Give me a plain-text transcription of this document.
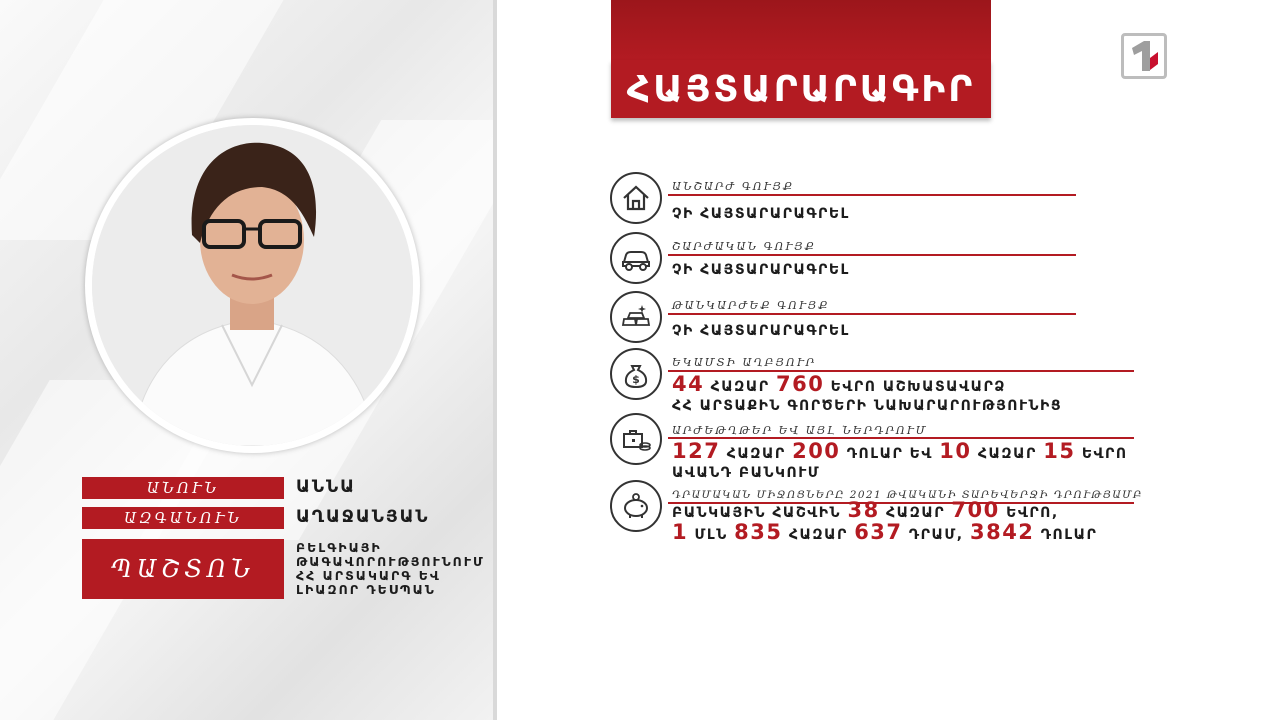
ԱՆՈՒՆ	ԱՆՆԱ
ԱԶԳԱՆՈՒՆ	ԱՂԱՋԱՆՅԱՆ
ՊԱՇՏՈՆ
ԲԵԼԳԻԱՅԻ
ԹԱԳԱՎՈՐՈՒԹՅՈՒՆՈՒՄ
ՀՀ ԱՐՏԱԿԱՐԳ ԵՎ
ԼԻԱԶՈՐ ԴԵՍՊԱՆ
ՀԱՅՏԱՐԱՐԱԳԻՐ
ԱՆՇԱՐԺ ԳՈՒՅՔ
ՉԻ ՀԱՅՏԱՐԱՐԱԳՐԵԼ
ՇԱՐԺԱԿԱՆ ԳՈՒՅՔ
ՉԻ ՀԱՅՏԱՐԱՐԱԳՐԵԼ
ԹԱՆԿԱՐԺԵՔ ԳՈՒՅՔ
ՉԻ ՀԱՅՏԱՐԱՐԱԳՐԵԼ
$
ԵԿԱՄՏԻ ԱՂԲՅՈՒՐ
44 ՀԱԶԱՐ 760 ԵՎՐՈ ԱՇԽԱՏԱՎԱՐՁ
ՀՀ ԱՐՏԱՔԻՆ ԳՈՐԾԵՐԻ ՆԱԽԱՐԱՐՈՒԹՅՈՒՆԻՑ
ԱՐԺԵԹՂԹԵՐ ԵՎ ԱՅԼ ՆԵՐԴՐՈՒՄ
127 ՀԱԶԱՐ 200 ԴՈԼԱՐ ԵՎ 10 ՀԱԶԱՐ 15 ԵՎՐՈ
ԱՎԱՆԴ ԲԱՆԿՈՒՄ
ԴՐԱՄԱԿԱՆ ՄԻՋՈՑՆԵՐԸ 2021 ԹՎԱԿԱՆԻ ՏԱՐԵՎԵՐՋԻ ԴՐՈՒԹՅԱՄԲ
ԲԱՆԿԱՅԻՆ ՀԱՇՎԻՆ 38 ՀԱԶԱՐ 700 ԵՎՐՈ,
1 ՄԼՆ 835 ՀԱԶԱՐ 637 ԴՐԱՄ, 3842 ԴՈԼԱՐ
